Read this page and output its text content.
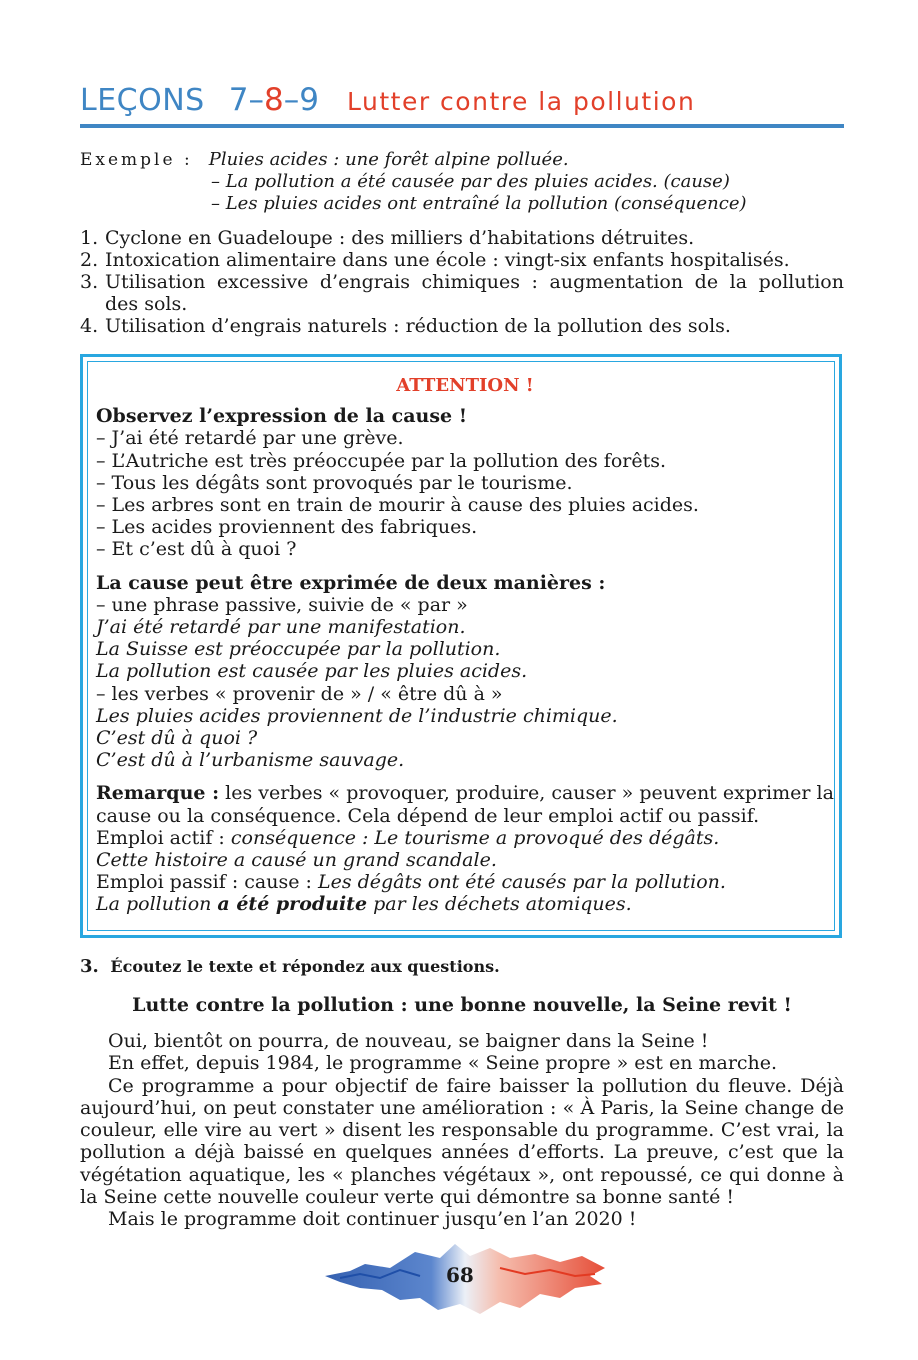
LEÇONS 7–8–9 Lutter contre la pollution
Exemple : Pluies acides : une forêt alpine polluée.
– La pollution a été causée par des pluies acides. (cause)
– Les pluies acides ont entraîné la pollution (conséquence)
1. Cyclone en Guadeloupe : des milliers d’habitations détruites.
2. Intoxication alimentaire dans une école : vingt-six enfants hospitalisés.
3. Utilisation excessive d’engrais chimiques : augmentation de la pollution
des sols.
4. Utilisation d’engrais naturels : réduction de la pollution des sols.
ATTENTION !
Observez l’expression de la cause !
– J’ai été retardé par une grève.
– L’Autriche est très préoccupée par la pollution des forêts.
– Tous les dégâts sont provoqués par le tourisme.
– Les arbres sont en train de mourir à cause des pluies acides.
– Les acides proviennent des fabriques.
– Et c’est dû à quoi ?
La cause peut être exprimée de deux manières :
– une phrase passive, suivie de « par »
J’ai été retardé par une manifestation.
La Suisse est préoccupée par la pollution.
La pollution est causée par les pluies acides.
– les verbes « provenir de » / « être dû à »
Les pluies acides proviennent de l’industrie chimique.
C’est dû à quoi ?
C’est dû à l’urbanisme sauvage.
Remarque : les verbes « provoquer, produire, causer » peuvent exprimer la
cause ou la conséquence. Cela dépend de leur emploi actif ou passif.
Emploi actif : conséquence : Le tourisme a provoqué des dégâts.
Cette histoire a causé un grand scandale.
Emploi passif : cause : Les dégâts ont été causés par la pollution.
La pollution a été produite par les déchets atomiques.
3. Écoutez le texte et répondez aux questions.
Lutte contre la pollution : une bonne nouvelle, la Seine revit !

Oui, bientôt on pourra, de nouveau, se baigner dans la Seine !

En effet, depuis 1984, le programme « Seine propre » est en marche.

Ce programme a pour objectif de faire baisser la pollution du fleuve. Déjà aujourd’hui, on peut constater une amélioration : « À Paris, la Seine change de couleur, elle vire au vert » disent les responsable du programme. C’est vrai, la pollution a déjà baissé en quelques années d’efforts. La preuve, c’est que la végétation aquatique, les « planches végétaux », ont repoussé, ce qui donne à la Seine cette nouvelle couleur verte qui démontre sa bonne santé !

Mais le programme doit continuer jusqu’en l’an 2020 !

68
